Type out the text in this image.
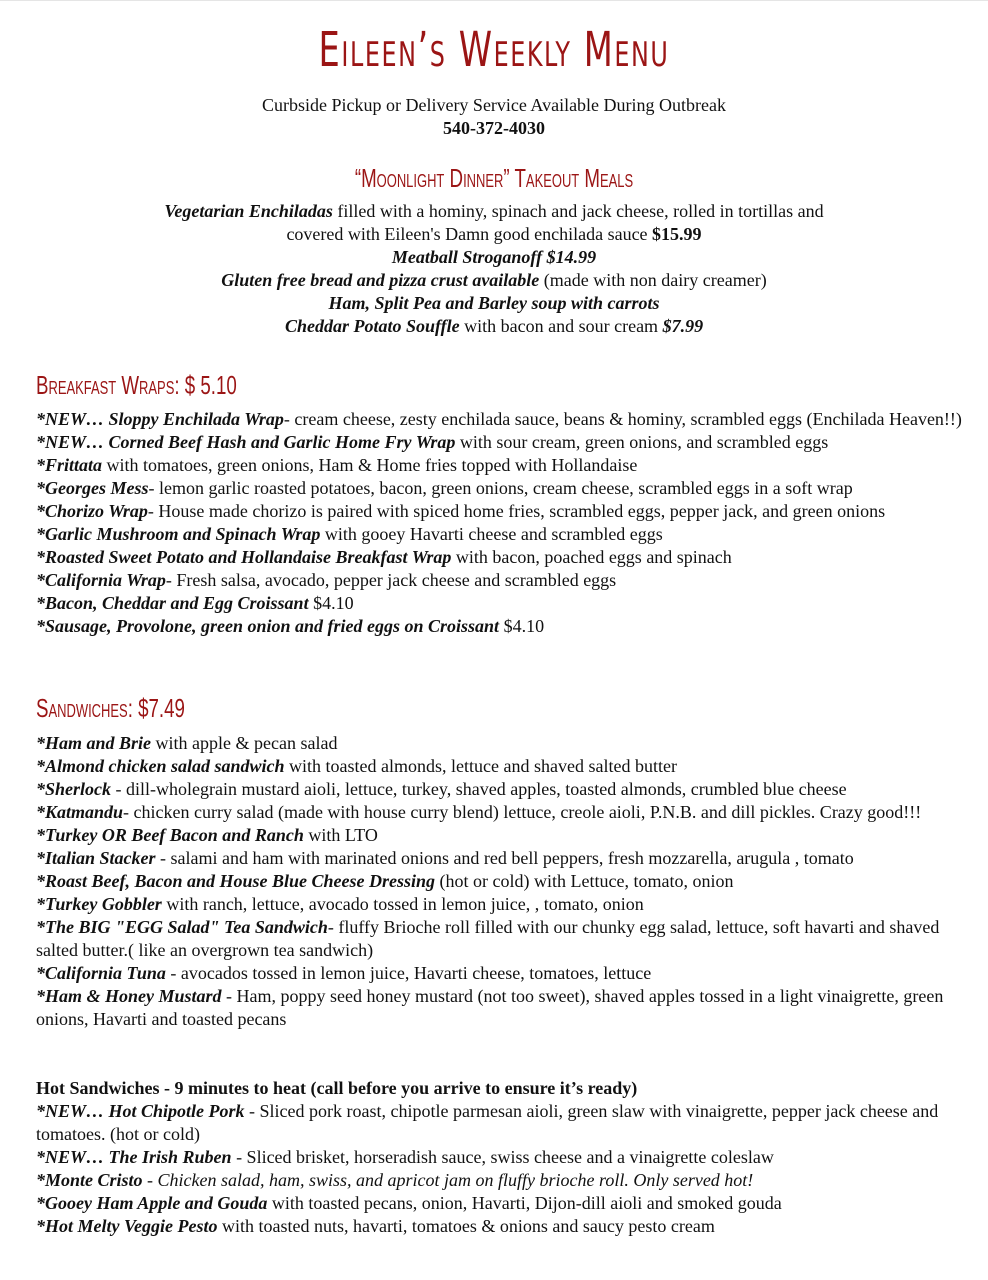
Eileen’s Weekly Menu
Curbside Pickup or Delivery Service Available During Outbreak
540-372-4030
“Moonlight Dinner” Takeout Meals
Vegetarian Enchiladas filled with a hominy, spinach and jack cheese, rolled in tortillas and
covered with Eileen's Damn good enchilada sauce $15.99
Meatball Stroganoff $14.99
Gluten free bread and pizza crust available (made with non dairy creamer)
Ham, Split Pea and Barley soup with carrots
Cheddar Potato Souffle with bacon and sour cream $7.99
Breakfast Wraps: $ 5.10

*NEW… Sloppy Enchilada Wrap- cream cheese, zesty enchilada sauce, beans & hominy, scrambled eggs (Enchilada Heaven!!)

*NEW… Corned Beef Hash and Garlic Home Fry Wrap with sour cream, green onions, and scrambled eggs

*Frittata with tomatoes, green onions, Ham & Home fries topped with Hollandaise

*Georges Mess- lemon garlic roasted potatoes, bacon, green onions, cream cheese, scrambled eggs in a soft wrap

*Chorizo Wrap- House made chorizo is paired with spiced home fries, scrambled eggs, pepper jack, and green onions

*Garlic Mushroom and Spinach Wrap with gooey Havarti cheese and scrambled eggs

*Roasted Sweet Potato and Hollandaise Breakfast Wrap with bacon, poached eggs and spinach

*California Wrap- Fresh salsa, avocado, pepper jack cheese and scrambled eggs

*Bacon, Cheddar and Egg Croissant $4.10

*Sausage, Provolone, green onion and fried eggs on Croissant $4.10

Sandwiches: $7.49

*Ham and Brie with apple & pecan salad

*Almond chicken salad sandwich with toasted almonds, lettuce and shaved salted butter

*Sherlock - dill-wholegrain mustard aioli, lettuce, turkey, shaved apples, toasted almonds, crumbled blue cheese

*Katmandu- chicken curry salad (made with house curry blend) lettuce, creole aioli, P.N.B. and dill pickles. Crazy good!!!

*Turkey OR Beef Bacon and Ranch with LTO

*Italian Stacker - salami and ham with marinated onions and red bell peppers, fresh mozzarella, arugula , tomato

*Roast Beef, Bacon and House Blue Cheese Dressing (hot or cold) with Lettuce, tomato, onion

*Turkey Gobbler with ranch, lettuce, avocado tossed in lemon juice, , tomato, onion

*The BIG "EGG Salad" Tea Sandwich- fluffy Brioche roll filled with our chunky egg salad, lettuce, soft havarti and shaved salted butter.( like an overgrown tea sandwich)

*California Tuna - avocados tossed in lemon juice, Havarti cheese, tomatoes, lettuce

*Ham & Honey Mustard - Ham, poppy seed honey mustard (not too sweet), shaved apples tossed in a light vinaigrette, green onions, Havarti and toasted pecans

Hot Sandwiches - 9 minutes to heat (call before you arrive to ensure it’s ready)

*NEW… Hot Chipotle Pork - Sliced pork roast, chipotle parmesan aioli, green slaw with vinaigrette, pepper jack cheese and tomatoes. (hot or cold)

*NEW… The Irish Ruben - Sliced brisket, horseradish sauce, swiss cheese and a vinaigrette coleslaw

*Monte Cristo - Chicken salad, ham, swiss, and apricot jam on fluffy brioche roll. Only served hot!

*Gooey Ham Apple and Gouda with toasted pecans, onion, Havarti, Dijon-dill aioli and smoked gouda

*Hot Melty Veggie Pesto with toasted nuts, havarti, tomatoes & onions and saucy pesto cream
